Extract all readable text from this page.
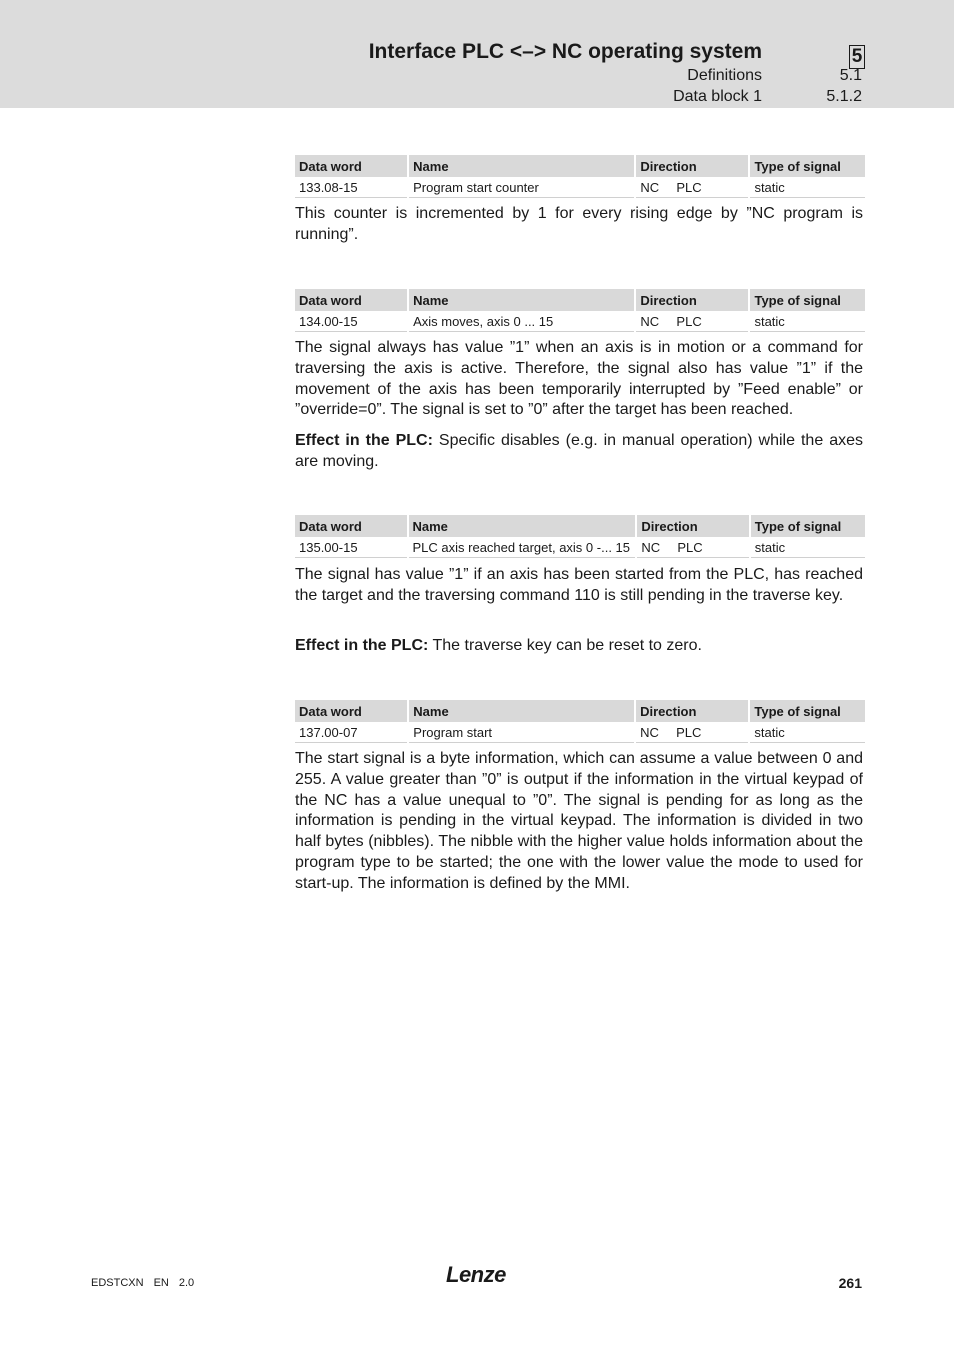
Interface PLC <–> NC operating system	5
Definitions	5.1
Data block 1	5.1.2
Data word	Name	Direction	Type of signal
133.08-15	Program start counter	NC PLC	static

This counter is incremented by 1 for every rising edge by ”NC program is running”.

Data word	Name	Direction	Type of signal
134.00-15	Axis moves, axis 0 ... 15	NC PLC	static

The signal always has value ”1” when an axis is in motion or a command for traversing the axis is active. Therefore, the signal also has value ”1” if the movement of the axis has been temporarily interrupted by ”Feed enable” or ”override=0”. The signal is set to ”0” after the target has been reached.

Effect in the PLC: Specific disables (e.g. in manual operation) while the axes are moving.

Data word	Name	Direction	Type of signal
135.00-15	PLC axis reached target, axis 0 -... 15	NC PLC	static

The signal has value ”1” if an axis has been started from the PLC, has reached the target and the traversing command 110 is still pending in the traverse key.

Effect in the PLC: The traverse key can be reset to zero.

Data word	Name	Direction	Type of signal
137.00-07	Program start	NC PLC	static

The start signal is a byte information, which can assume a value between 0 and 255. A value greater than ”0” is output if the information in the virtual keypad of the NC has a value unequal to ”0”. The signal is pending for as long as the information is pending in the virtual keypad. The information is divided in two half bytes (nibbles). The nibble with the higher value holds information about the program type to be started; the one with the lower value the mode to used for start-up. The information is defined by the MMI.

EDSTCXN EN 2.0	Lenze	261
